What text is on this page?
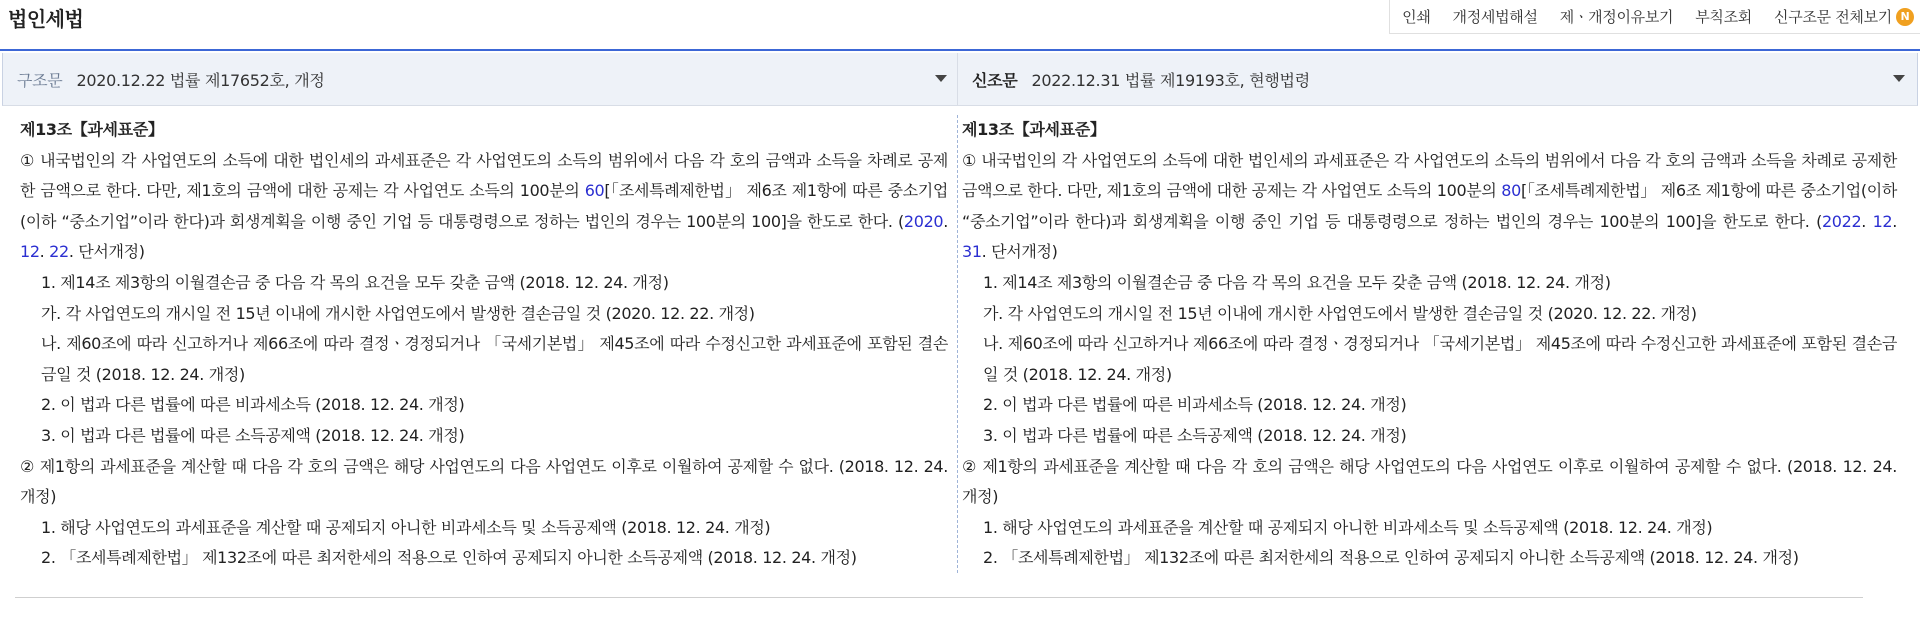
법인세법	인쇄 개정세법해설 제ㆍ개정이유보기 부칙조회 신구조문 전체보기 N
구조문 2020.12.22 법률 제17652호, 개정	신조문 2022.12.31 법률 제19193호, 현행법령
제13조【과세표준】
① 내국법인의 각 사업연도의 소득에 대한 법인세의 과세표준은 각 사업연도의 소득의 범위에서 다음 각 호의 금액과 소득을 차례로 공제한 금액으로 한다. 다만, 제1호의 금액에 대한 공제는 각 사업연도 소득의 100분의 60[「조세특례제한법」 제6조 제1항에 따른 중소기업(이하 “중소기업”이라 한다)과 회생계획을 이행 중인 기업 등 대통령령으로 정하는 법인의 경우는 100분의 100]을 한도로 한다. (2020. 12. 22. 단서개정)
1. 제14조 제3항의 이월결손금 중 다음 각 목의 요건을 모두 갖춘 금액 (2018. 12. 24. 개정)
가. 각 사업연도의 개시일 전 15년 이내에 개시한 사업연도에서 발생한 결손금일 것 (2020. 12. 22. 개정)
나. 제60조에 따라 신고하거나 제66조에 따라 결정ㆍ경정되거나 「국세기본법」 제45조에 따라 수정신고한 과세표준에 포함된 결손금일 것 (2018. 12. 24. 개정)
2. 이 법과 다른 법률에 따른 비과세소득 (2018. 12. 24. 개정)
3. 이 법과 다른 법률에 따른 소득공제액 (2018. 12. 24. 개정)
② 제1항의 과세표준을 계산할 때 다음 각 호의 금액은 해당 사업연도의 다음 사업연도 이후로 이월하여 공제할 수 없다. (2018. 12. 24. 개정)
1. 해당 사업연도의 과세표준을 계산할 때 공제되지 아니한 비과세소득 및 소득공제액 (2018. 12. 24. 개정)
2. 「조세특례제한법」 제132조에 따른 최저한세의 적용으로 인하여 공제되지 아니한 소득공제액 (2018. 12. 24. 개정)
제13조【과세표준】
① 내국법인의 각 사업연도의 소득에 대한 법인세의 과세표준은 각 사업연도의 소득의 범위에서 다음 각 호의 금액과 소득을 차례로 공제한 금액으로 한다. 다만, 제1호의 금액에 대한 공제는 각 사업연도 소득의 100분의 80[「조세특례제한법」 제6조 제1항에 따른 중소기업(이하 “중소기업”이라 한다)과 회생계획을 이행 중인 기업 등 대통령령으로 정하는 법인의 경우는 100분의 100]을 한도로 한다. (2022. 12. 31. 단서개정)
1. 제14조 제3항의 이월결손금 중 다음 각 목의 요건을 모두 갖춘 금액 (2018. 12. 24. 개정)
가. 각 사업연도의 개시일 전 15년 이내에 개시한 사업연도에서 발생한 결손금일 것 (2020. 12. 22. 개정)
나. 제60조에 따라 신고하거나 제66조에 따라 결정ㆍ경정되거나 「국세기본법」 제45조에 따라 수정신고한 과세표준에 포함된 결손금일 것 (2018. 12. 24. 개정)
2. 이 법과 다른 법률에 따른 비과세소득 (2018. 12. 24. 개정)
3. 이 법과 다른 법률에 따른 소득공제액 (2018. 12. 24. 개정)
② 제1항의 과세표준을 계산할 때 다음 각 호의 금액은 해당 사업연도의 다음 사업연도 이후로 이월하여 공제할 수 없다. (2018. 12. 24. 개정)
1. 해당 사업연도의 과세표준을 계산할 때 공제되지 아니한 비과세소득 및 소득공제액 (2018. 12. 24. 개정)
2. 「조세특례제한법」 제132조에 따른 최저한세의 적용으로 인하여 공제되지 아니한 소득공제액 (2018. 12. 24. 개정)
